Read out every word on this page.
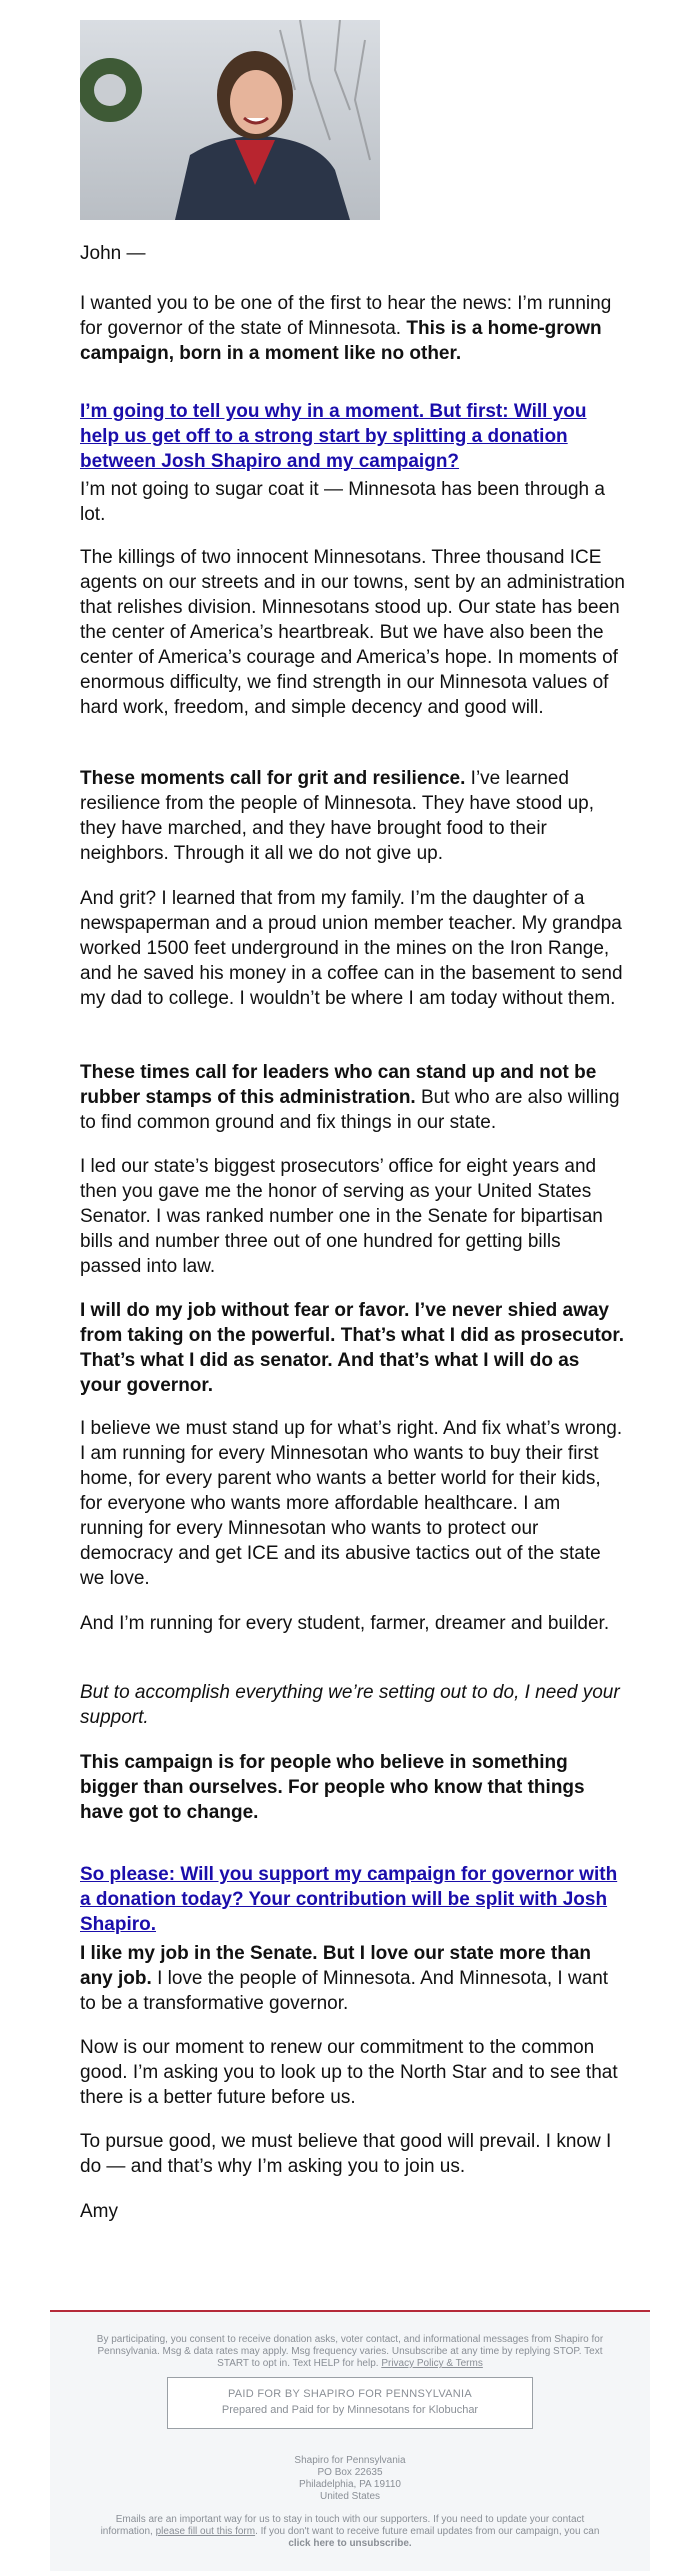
John —

I wanted you to be one of the first to hear the news: I’m running for governor of the state of Minnesota. This is a home-grown campaign, born in a moment like no other.

I’m going to tell you why in a moment. But first: Will you help us get off to a strong start by splitting a donation between Josh Shapiro and my campaign?

I’m not going to sugar coat it — Minnesota has been through a lot.

The killings of two innocent Minnesotans. Three thousand ICE agents on our streets and in our towns, sent by an administration that relishes division. Minnesotans stood up. Our state has been the center of America’s heartbreak. But we have also been the center of America’s courage and America’s hope. In moments of enormous difficulty, we find strength in our Minnesota values of hard work, freedom, and simple decency and good will.

These moments call for grit and resilience. I’ve learned resilience from the people of Minnesota. They have stood up, they have marched, and they have brought food to their neighbors. Through it all we do not give up.

And grit? I learned that from my family. I’m the daughter of a newspaperman and a proud union member teacher. My grandpa worked 1500 feet underground in the mines on the Iron Range, and he saved his money in a coffee can in the basement to send my dad to college. I wouldn’t be where I am today without them.

These times call for leaders who can stand up and not be rubber stamps of this administration. But who are also willing to find common ground and fix things in our state.

I led our state’s biggest prosecutors’ office for eight years and then you gave me the honor of serving as your United States Senator. I was ranked number one in the Senate for bipartisan bills and number three out of one hundred for getting bills passed into law.

I will do my job without fear or favor. I’ve never shied away from taking on the powerful. That’s what I did as prosecutor. That’s what I did as senator. And that’s what I will do as your governor.

I believe we must stand up for what’s right. And fix what’s wrong. I am running for every Minnesotan who wants to buy their first home, for every parent who wants a better world for their kids, for everyone who wants more affordable healthcare. I am running for every Minnesotan who wants to protect our democracy and get ICE and its abusive tactics out of the state we love.

And I’m running for every student, farmer, dreamer and builder.

But to accomplish everything we’re setting out to do, I need your support.

This campaign is for people who believe in something bigger than ourselves. For people who know that things have got to change.

So please: Will you support my campaign for governor with a donation today? Your contribution will be split with Josh Shapiro.

I like my job in the Senate. But I love our state more than any job. I love the people of Minnesota. And Minnesota, I want to be a transformative governor.

Now is our moment to renew our commitment to the common good. I’m asking you to look up to the North Star and to see that there is a better future before us.

To pursue good, we must believe that good will prevail. I know I do — and that’s why I’m asking you to join us.

Amy

By participating, you consent to receive donation asks, voter contact, and informational messages from Shapiro for Pennsylvania. Msg & data rates may apply. Msg frequency varies. Unsubscribe at any time by replying STOP. Text START to opt in. Text HELP for help. Privacy Policy & Terms

PAID FOR BY SHAPIRO FOR PENNSYLVANIA
Prepared and Paid for by Minnesotans for Klobuchar

Shapiro for Pennsylvania

PO Box 22635

Philadelphia, PA 19110

United States

Emails are an important way for us to stay in touch with our supporters. If you need to update your contact information, please fill out this form. If you don't want to receive future email updates from our campaign, you can click here to unsubscribe.
